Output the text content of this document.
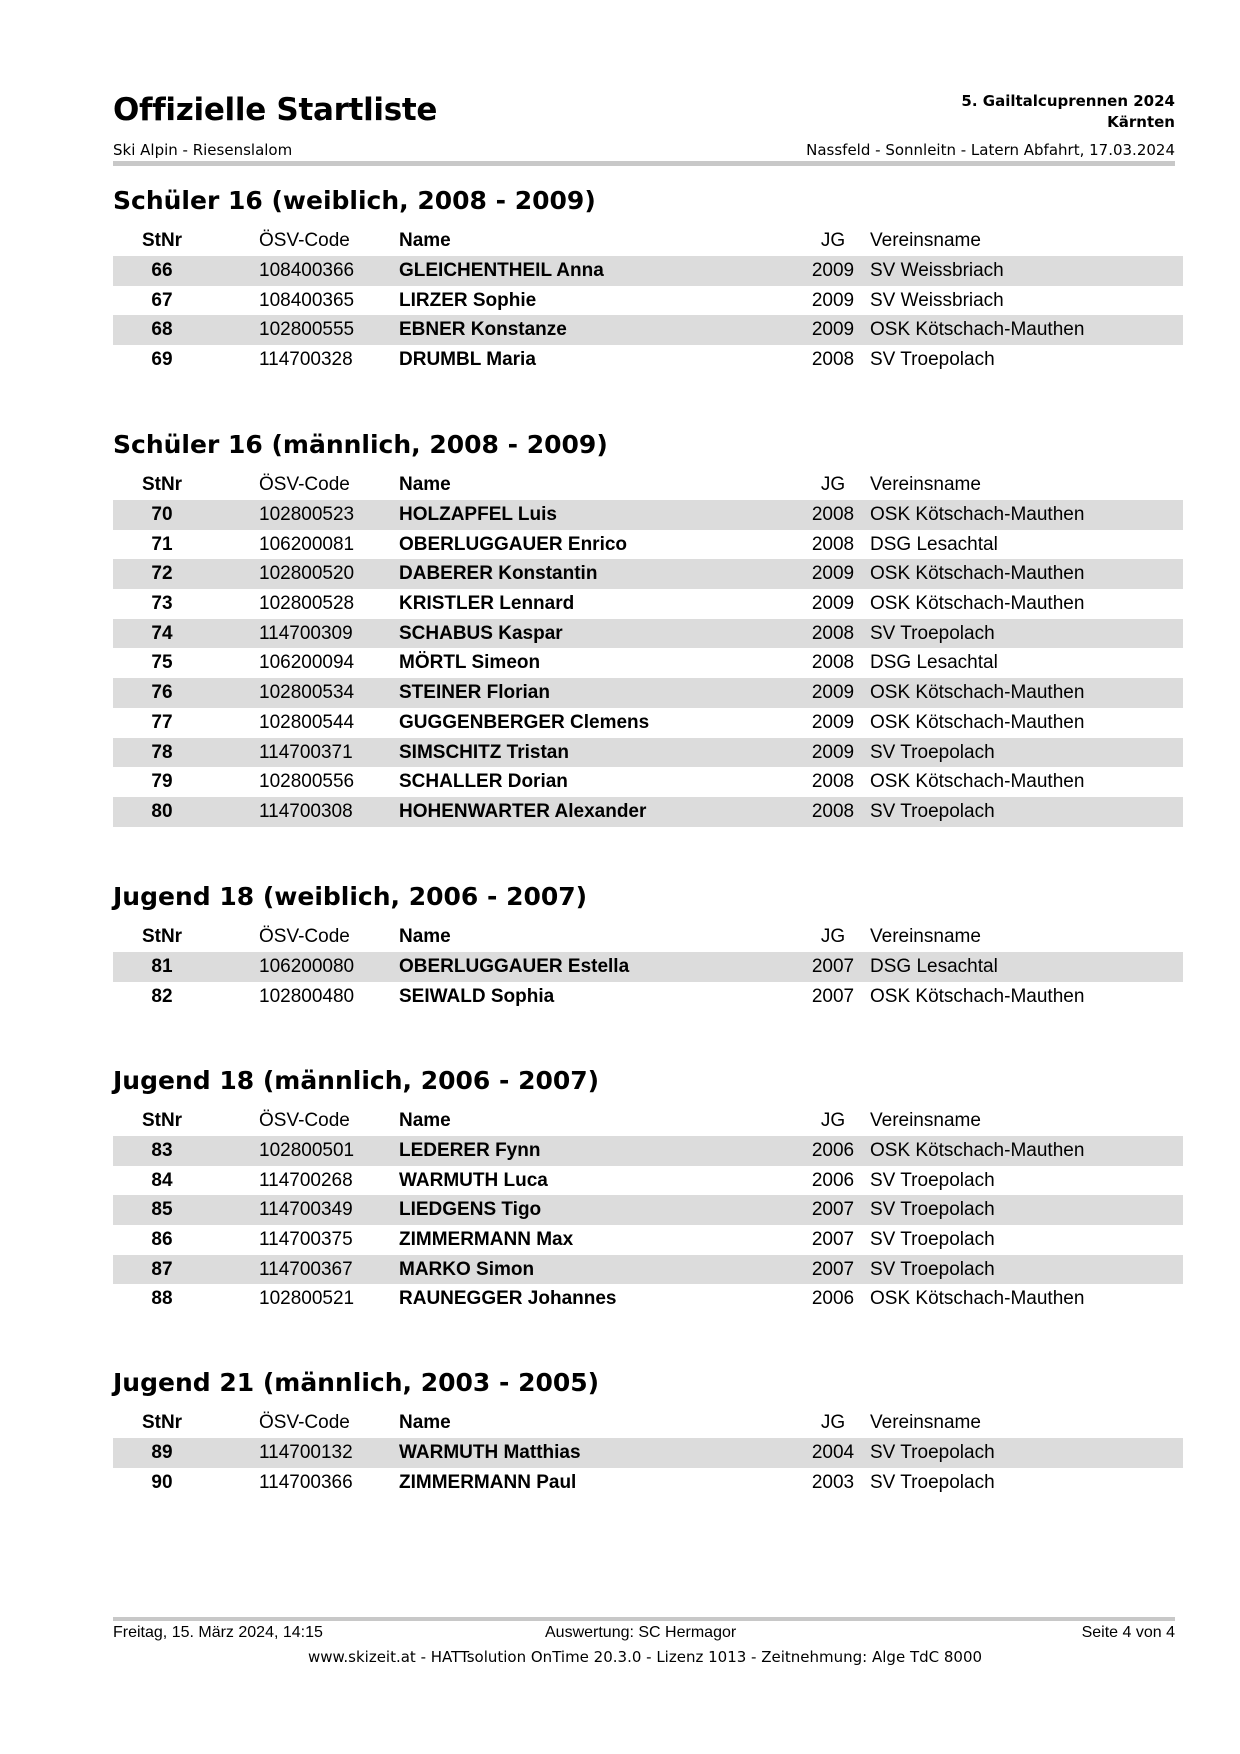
Offizielle Startliste
Ski Alpin - Riesenslalom
5. Gailtalcuprennen 2024
Kärnten
Nassfeld - Sonnleitn - Latern Abfahrt, 17.03.2024
Schüler 16 (weiblich, 2008 - 2009)
StNr	ÖSV-Code	Name	JG	Vereinsname
66	108400366 GLEICHENTHEIL Anna	2009 SV Weissbriach
67	108400365 LIRZER Sophie	2009 SV Weissbriach
68	102800555 EBNER Konstanze	2009 OSK Kötschach-Mauthen
69	114700328 DRUMBL Maria	2008 SV Troepolach
Schüler 16 (männlich, 2008 - 2009)
StNr	ÖSV-Code	Name	JG	Vereinsname
70	102800523 HOLZAPFEL Luis	2008 OSK Kötschach-Mauthen
71	106200081 OBERLUGGAUER Enrico	2008 DSG Lesachtal
72	102800520 DABERER Konstantin	2009 OSK Kötschach-Mauthen
73	102800528 KRISTLER Lennard	2009 OSK Kötschach-Mauthen
74	114700309 SCHABUS Kaspar	2008 SV Troepolach
75	106200094 MÖRTL Simeon	2008 DSG Lesachtal
76	102800534 STEINER Florian	2009 OSK Kötschach-Mauthen
77	102800544 GUGGENBERGER Clemens	2009 OSK Kötschach-Mauthen
78	114700371 SIMSCHITZ Tristan	2009 SV Troepolach
79	102800556 SCHALLER Dorian	2008 OSK Kötschach-Mauthen
80	114700308 HOHENWARTER Alexander	2008 SV Troepolach
Jugend 18 (weiblich, 2006 - 2007)
StNr	ÖSV-Code	Name	JG	Vereinsname
81	106200080 OBERLUGGAUER Estella	2007 DSG Lesachtal
82	102800480 SEIWALD Sophia	2007 OSK Kötschach-Mauthen
Jugend 18 (männlich, 2006 - 2007)
StNr	ÖSV-Code	Name	JG	Vereinsname
83	102800501 LEDERER Fynn	2006 OSK Kötschach-Mauthen
84	114700268 WARMUTH Luca	2006 SV Troepolach
85	114700349 LIEDGENS Tigo	2007 SV Troepolach
86	114700375 ZIMMERMANN Max	2007 SV Troepolach
87	114700367 MARKO Simon	2007 SV Troepolach
88	102800521 RAUNEGGER Johannes	2006 OSK Kötschach-Mauthen
Jugend 21 (männlich, 2003 - 2005)
StNr	ÖSV-Code	Name	JG	Vereinsname
89	114700132 WARMUTH Matthias	2004 SV Troepolach
90	114700366 ZIMMERMANN Paul	2003 SV Troepolach
Freitag, 15. März 2024, 14:15	Auswertung: SC Hermagor	Seite 4 von 4
www.skizeit.at - HATTsolution OnTime 20.3.0 - Lizenz 1013 - Zeitnehmung: Alge TdC 8000
